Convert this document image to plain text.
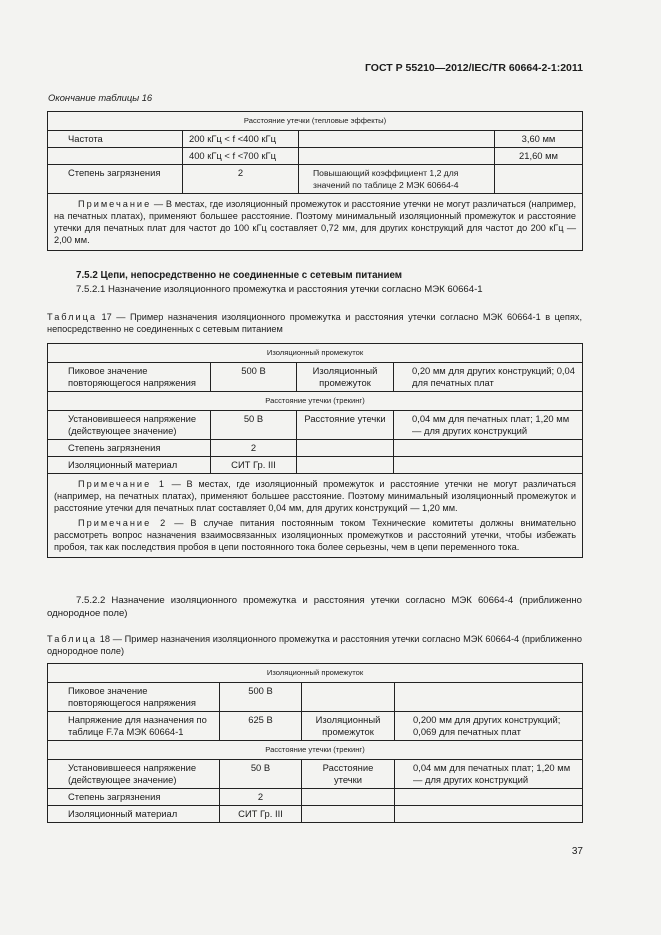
ГОСТ Р 55210—2012/IEC/TR 60664-2-1:2011
Окончание таблицы 16
Расстояние утечки (тепловые эффекты)			
Частота	200 кГц < f <400 кГц		3,60 мм
	400 кГц < f <700 кГц		21,60 мм
Степень загрязнения	2	Повышающий коэффициент 1,2 для значений по таблице 2 МЭК 60664-4	
Примечание — В местах, где изоляционный промежуток и расстояние утечки не могут различаться (например, на печатных платах), применяют большее расстояние. Поэтому минимальный изоляционный промежуток и расстояние утечки для печатных плат для частот до 100 кГц составляет 0,72 мм, для других конструкций для частот до 200 кГц — 2,00 мм.			
7.5.2 Цепи, непосредственно не соединенные с сетевым питанием
7.5.2.1 Назначение изоляционного промежутка и расстояния утечки согласно МЭК 60664-1
Таблица 17 — Пример назначения изоляционного промежутка и расстояния утечки согласно МЭК 60664-1 в цепях, непосредственно не соединенных с сетевым питанием
Изоляционный промежуток			
Пиковое значение повторяющегося напряжения	500 В	Изоляционный промежуток	0,20 мм для других конструкций; 0,04 для печатных плат
Расстояние утечки (трекинг)			
Установившееся напряжение (действующее значение)	50 В	Расстояние утечки	0,04 мм для печатных плат; 1,20 мм — для других конструкций
Степень загрязнения	2		
Изоляционный материал	СИТ Гр. III		

Примечание 1 — В местах, где изоляционный промежуток и расстояние утечки не могут различаться (например, на печатных платах), применяют большее расстояние. Поэтому минимальный изоляционный промежуток и расстояние утечки для печатных плат составляет 0,04 мм, для других конструкций — 1,20 мм.
Примечание 2 — В случае питания постоянным током Технические комитеты должны внимательно рассмотреть вопрос назначения взаимосвязанных изоляционных промежутков и расстояний утечки, чтобы избежать пробоя, так как последствия пробоя в цепи постоянного тока более серьезны, чем в цепи переменного тока.			
7.5.2.2 Назначение изоляционного промежутка и расстояния утечки согласно МЭК 60664-4 (приближенно однородное поле)
Таблица 18 — Пример назначения изоляционного промежутка и расстояния утечки согласно МЭК 60664-4 (приближенно однородное поле)
Изоляционный промежуток			
Пиковое значение повторяющегося напряжения	500 В		
Напряжение для назначения по таблице F.7a МЭК 60664-1	625 В	Изоляционный промежуток	0,200 мм для других конструкций; 0,069 для печатных плат
Расстояние утечки (трекинг)			
Установившееся напряжение (действующее значение)	50 В	Расстояние утечки	0,04 мм для печатных плат; 1,20 мм — для других конструкций
Степень загрязнения	2		
Изоляционный материал	СИТ Гр. III		
37
